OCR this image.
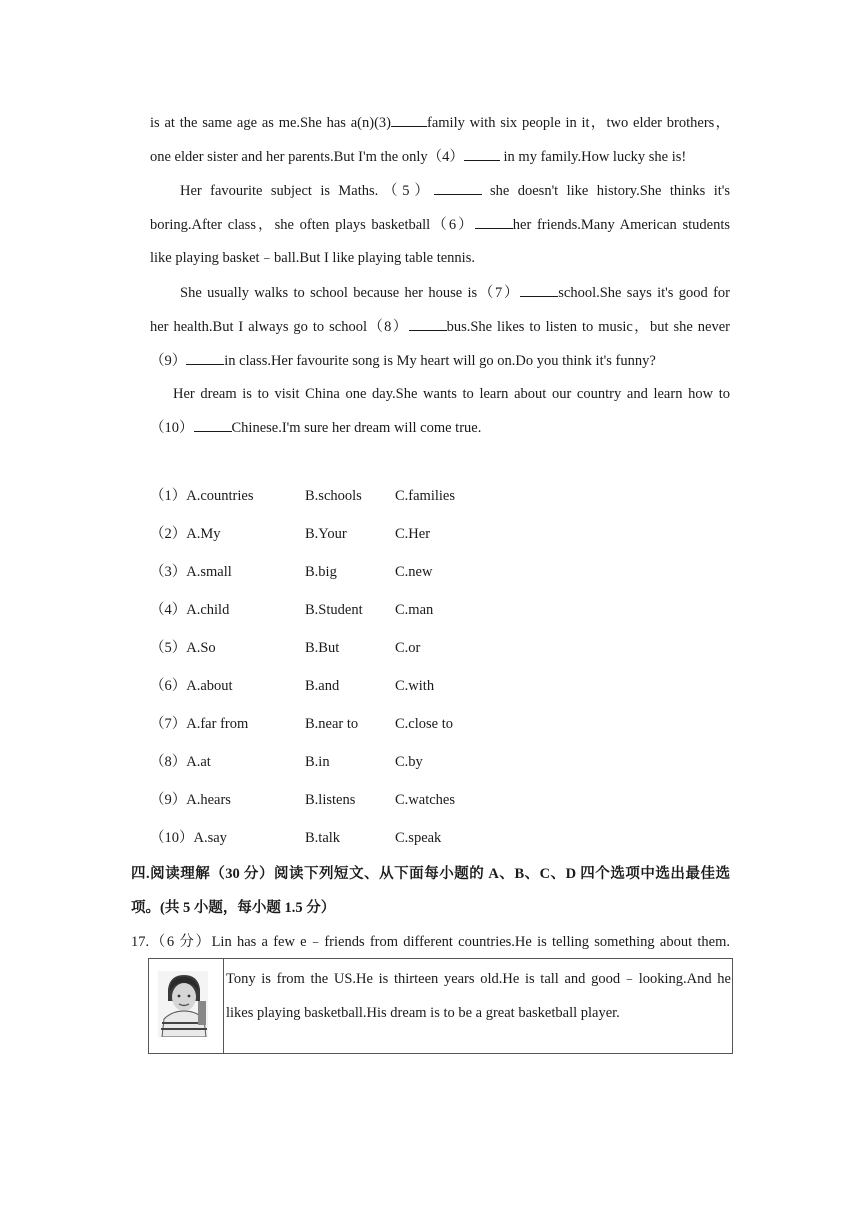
is at the same age as me.She has a(n)(3) family with six people in it，two elder brothers，
one elder sister and her parents.But I'm the only（4）	in my family.How lucky she is!
Her favourite subject is Maths.（5）	she doesn't like history.She thinks it's
boring.After class，she often plays basketball（6）	her friends.Many American students
like playing basket﹣ball.But I like playing table tennis.
She usually walks to school because her house is（7）	school.She says it's good for
her health.But I always go to school（8）	bus.She likes to listen to music，but she never
（9）	in class.Her favourite song is My heart will go on.Do you think it's funny?
Her dream is to visit China one day.She wants to learn about our country and learn how to
（10）	Chinese.I'm sure her dream will come true.
（1）A.countries	B.schools C.families
（2）A.My	B.Your	C.Her
（3）A.small	B.big	C.new
（4）A.child	B.Student C.man
（5）A.So	B.But	C.or
（6）A.about	B.and	C.with
（7）A.far from	B.near to	C.close to
（8）A.at	B.in	C.by
（9）A.hears	B.listens	C.watches
（10）A.say	B.talk	C.speak
四.阅读理解（30 分）阅读下列短文、从下面每小题的 A、B、C、D 四个选项中选出最佳选
项。(共 5 小题，每小题 1.5 分）
17.（6 分）Lin has a few e﹣friends from different countries.He is telling something about them.

Tony is from the US.He is thirteen years old.He is tall and good﹣looking.And he
likes playing basketball.His dream is to be a great basketball player.
